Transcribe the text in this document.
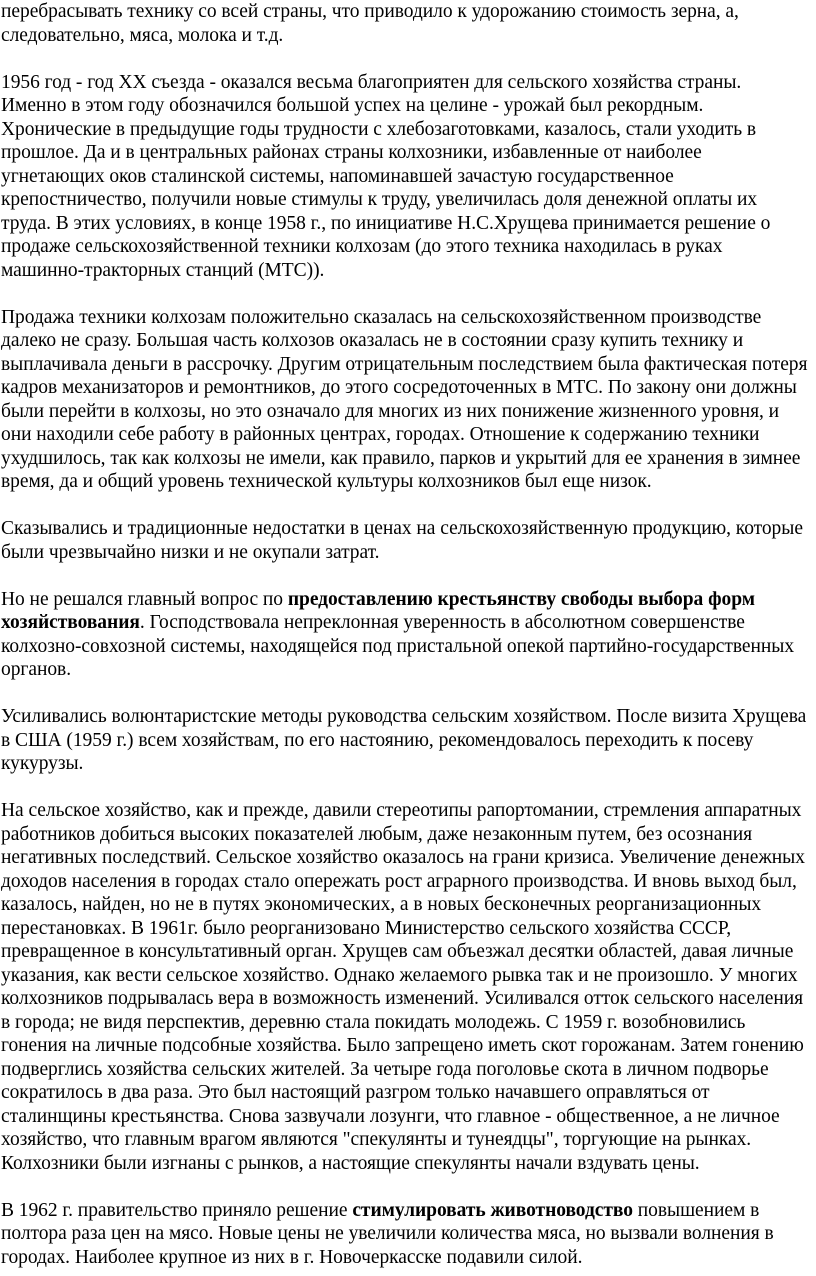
перебрасывать технику со всей страны, что приводило к удорожанию стоимость зерна, а, следовательно, мяса, молока и т.д.

1956 год - год XX съезда - оказался весьма благоприятен для сельского хозяйства страны. Именно в этом году обозначился большой успех на целине - урожай был рекордным. Хронические в предыдущие годы трудности с хлебозаготовками, казалось, стали уходить в прошлое. Да и в центральных районах страны колхозники, избавленные от наиболее угнетающих оков сталинской системы, напоминавшей зачастую государственное крепостничество, получили новые стимулы к труду, увеличилась доля денежной оплаты их труда. В этих условиях, в конце 1958 г., по инициативе Н.С.Хрущева принимается решение о продаже сельскохозяйственной техники колхозам (до этого техника находилась в руках машинно-тракторных станций (МТС)).

Продажа техники колхозам положительно сказалась на сельскохозяйственном производстве далеко не сразу. Большая часть колхозов оказалась не в состоянии сразу купить технику и выплачивала деньги в рассрочку. Другим отрицательным последствием была фактическая потеря кадров механизаторов и ремонтников, до этого сосредоточенных в МТС. По закону они должны были перейти в колхозы, но это означало для многих из них понижение жизненного уровня, и они находили себе работу в районных центрах, городах. Отношение к содержанию техники ухудшилось, так как колхозы не имели, как правило, парков и укрытий для ее хранения в зимнее время, да и общий уровень технической культуры колхозников был еще низок.

Сказывались и традиционные недостатки в ценах на сельскохозяйственную продукцию, которые были чрезвычайно низки и не окупали затрат.

Но не решался главный вопрос по предоставлению крестьянству свободы выбора форм хозяйствования. Господствовала непреклонная уверенность в абсолютном совершенстве колхозно-совхозной системы, находящейся под пристальной опекой партийно-государственных органов.

Усиливались волюнтаристские методы руководства сельским хозяйством. После визита Хрущева в США (1959 г.) всем хозяйствам, по его настоянию, рекомендовалось переходить к посеву кукурузы.

На сельское хозяйство, как и прежде, давили стереотипы рапортомании, стремления аппаратных работников добиться высоких показателей любым, даже незаконным путем, без осознания негативных последствий. Сельское хозяйство оказалось на грани кризиса. Увеличение денежных доходов населения в городах стало опережать рост аграрного производства. И вновь выход был, казалось, найден, но не в путях экономических, а в новых бесконечных реорганизационных перестановках. В 1961г. было реорганизовано Министерство сельского хозяйства СССР, превращенное в консультативный орган. Хрущев сам объезжал десятки областей, давая личные указания, как вести сельское хозяйство. Однако желаемого рывка так и не произошло. У многих колхозников подрывалась вера в возможность изменений. Усиливался отток сельского населения в города; не видя перспектив, деревню стала покидать молодежь. С 1959 г. возобновились гонения на личные подсобные хозяйства. Было запрещено иметь скот горожанам. Затем гонению подверглись хозяйства сельских жителей. За четыре года поголовье скота в личном подворье сократилось в два раза. Это был настоящий разгром только начавшего оправляться от сталинщины крестьянства. Снова зазвучали лозунги, что главное - общественное, а не личное хозяйство, что главным врагом являются "спекулянты и тунеядцы", торгующие на рынках. Колхозники были изгнаны с рынков, а настоящие спекулянты начали вздувать цены.

В 1962 г. правительство приняло решение стимулировать животноводство повышением в полтора раза цен на мясо. Новые цены не увеличили количества мяса, но вызвали волнения в городах. Наиболее крупное из них в г. Новочеркасске подавили силой.
